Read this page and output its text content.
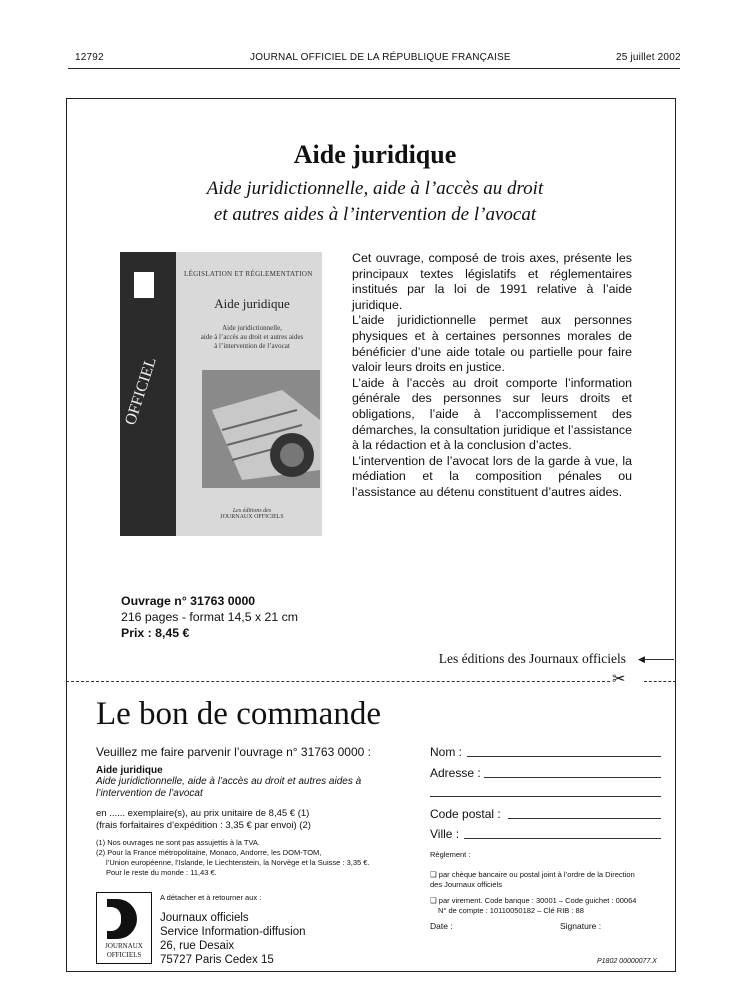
12792	JOURNAL OFFICIEL DE LA RÉPUBLIQUE FRANÇAISE	25 juillet 2002
Aide juridique
Aide juridictionnelle, aide à l’accès au droit
et autres aides à l’intervention de l’avocat
OFFICIEL
LÉGISLATION ET RÉGLEMENTATION
Aide juridique
Aide juridictionnelle,
aide à l’accès au droit et autres aides
à l’intervention de l’avocat
Les éditions des
JOURNAUX OFFICIELS

Cet ouvrage, composé de trois axes, présente les principaux textes législatifs et réglementaires institués par la loi de 1991 relative à l’aide juridique.

L’aide juridictionnelle permet aux personnes physiques et à certaines personnes morales de bénéficier d’une aide totale ou partielle pour faire valoir leurs droits en justice.

L’aide à l’accès au droit comporte l’information générale des personnes sur leurs droits et obligations, l’aide à l’accomplissement des démarches, la consultation juridique et l’assistance à la rédaction et à la conclusion d’actes.

L’intervention de l’avocat lors de la garde à vue, la médiation et la composition pénales ou l’assistance au détenu constituent d’autres aides.

Ouvrage n° 31763 0000
216 pages - format 14,5 x 21 cm
Prix : 8,45 €
Les éditions des Journaux officiels ◀
✂
Le bon de commande
Veuillez me faire parvenir l’ouvrage n° 31763 0000 :
Aide juridique
Aide juridictionnelle, aide à l’accès au droit et autres aides à l’intervention de l’avocat
en ...... exemplaire(s), au prix unitaire de 8,45 € (1)
(frais forfaitaires d’expédition : 3,35 € par envoi) (2)
(1) Nos ouvrages ne sont pas assujettis à la TVA.
(2) Pour la France métropolitaine, Monaco, Andorre, les DOM-TOM,
l’Union européenne, l’Islande, le Liechtenstein, la Norvège et la Suisse : 3,35 €.
Pour le reste du monde : 11,43 €.
JOURNAUX
OFFICIELS
A détacher et à retourner aux :
Journaux officiels
Service Information-diffusion
26, rue Desaix
75727 Paris Cedex 15
Nom :
Adresse :
Code postal :
Ville :
Règlement :
❑ par chèque bancaire ou postal joint à l’ordre de la Direction des Journaux officiels
❑ par virement. Code banque : 30001 – Code guichet : 00064
N° de compte : 10110050182 – Clé RIB : 88
Date :	Signature :
P1802 00000077.X
